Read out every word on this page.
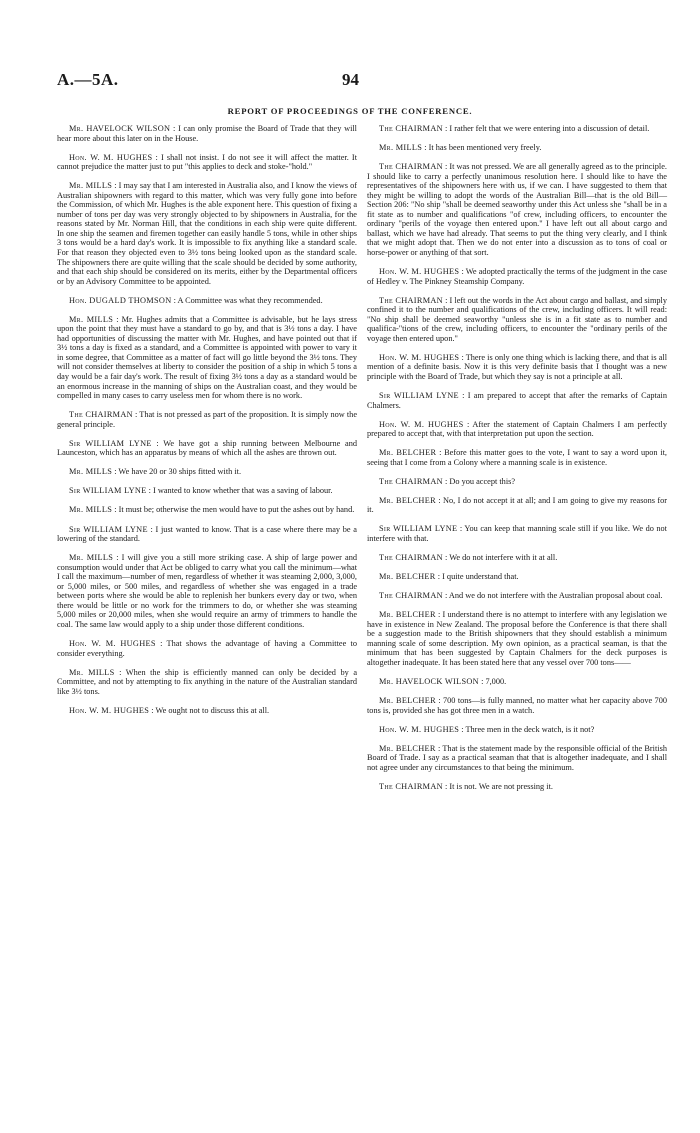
A.—5A.	94
REPORT OF PROCEEDINGS OF THE CONFERENCE.

Mr. HAVELOCK WILSON : I can only promise the Board of Trade that they will hear more about this later on in the House.

Hon. W. M. HUGHES : I shall not insist. I do not see it will affect the matter. It cannot prejudice the matter just to put "this applies to deck and stoke-"hold."

Mr. MILLS : I may say that I am interested in Australia also, and I know the views of Australian shipowners with regard to this matter, which was very fully gone into before the Commission, of which Mr. Hughes is the able exponent here. This question of fixing a number of tons per day was very strongly objected to by shipowners in Australia, for the reasons stated by Mr. Norman Hill, that the conditions in each ship were quite different. In one ship the seamen and firemen together can easily handle 5 tons, while in other ships 3 tons would be a hard day's work. It is impossible to fix anything like a standard scale. For that reason they objected even to 3½ tons being looked upon as the standard scale. The shipowners there are quite willing that the scale should be decided by some authority, and that each ship should be considered on its merits, either by the Departmental officers or by an Advisory Committee to be appointed.

Hon. DUGALD THOMSON : A Committee was what they recommended.

Mr. MILLS : Mr. Hughes admits that a Committee is advisable, but he lays stress upon the point that they must have a standard to go by, and that is 3½ tons a day. I have had opportunities of discussing the matter with Mr. Hughes, and have pointed out that if 3½ tons a day is fixed as a standard, and a Committee is appointed with power to vary it in some degree, that Committee as a matter of fact will go little beyond the 3½ tons. They will not consider themselves at liberty to consider the position of a ship in which 5 tons a day would be a fair day's work. The result of fixing 3½ tons a day as a standard would be an enormous increase in the manning of ships on the Australian coast, and they would be compelled in many cases to carry useless men for whom there is no work.

The CHAIRMAN : That is not pressed as part of the proposition. It is simply now the general principle.

Sir WILLIAM LYNE : We have got a ship running between Melbourne and Launceston, which has an apparatus by means of which all the ashes are thrown out.

Mr. MILLS : We have 20 or 30 ships fitted with it.

Sir WILLIAM LYNE : I wanted to know whether that was a saving of labour.

Mr. MILLS : It must be; otherwise the men would have to put the ashes out by hand.

Sir WILLIAM LYNE : I just wanted to know. That is a case where there may be a lowering of the standard.

Mr. MILLS : I will give you a still more striking case. A ship of large power and consumption would under that Act be obliged to carry what you call the minimum—what I call the maximum—number of men, regardless of whether it was steaming 2,000, 3,000, or 5,000 miles, or 500 miles, and regardless of whether she was engaged in a trade between ports where she would be able to replenish her bunkers every day or two, when there would be little or no work for the trimmers to do, or whether she was steaming 5,000 miles or 20,000 miles, when she would require an army of trimmers to handle the coal. The same law would apply to a ship under those different conditions.

Hon. W. M. HUGHES : That shows the advantage of having a Committee to consider everything.

Mr. MILLS : When the ship is efficiently manned can only be decided by a Committee, and not by attempting to fix anything in the nature of the Australian standard like 3½ tons.

Hon. W. M. HUGHES : We ought not to discuss this at all.

The CHAIRMAN : I rather felt that we were entering into a discussion of detail.

Mr. MILLS : It has been mentioned very freely.

The CHAIRMAN : It was not pressed. We are all generally agreed as to the principle. I should like to carry a perfectly unanimous resolution here. I should like to have the representatives of the shipowners here with us, if we can. I have suggested to them that they might be willing to adopt the words of the Australian Bill—that is the old Bill—Section 206: "No ship "shall be deemed seaworthy under this Act unless she "shall be in a fit state as to number and qualifications "of crew, including officers, to encounter the ordinary "perils of the voyage then entered upon." I have left out all about cargo and ballast, which we have had already. That seems to put the thing very clearly, and I think that we might adopt that. Then we do not enter into a discussion as to tons of coal or horse-power or anything of that sort.

Hon. W. M. HUGHES : We adopted practically the terms of the judgment in the case of Hedley v. The Pinkney Steamship Company.

The CHAIRMAN : I left out the words in the Act about cargo and ballast, and simply confined it to the number and qualifications of the crew, including officers. It will read: "No ship shall be deemed seaworthy "unless she is in a fit state as to number and qualifica-"tions of the crew, including officers, to encounter the "ordinary perils of the voyage then entered upon."

Hon. W. M. HUGHES : There is only one thing which is lacking there, and that is all mention of a definite basis. Now it is this very definite basis that I thought was a new principle with the Board of Trade, but which they say is not a principle at all.

Sir WILLIAM LYNE : I am prepared to accept that after the remarks of Captain Chalmers.

Hon. W. M. HUGHES : After the statement of Captain Chalmers I am perfectly prepared to accept that, with that interpretation put upon the section.

Mr. BELCHER : Before this matter goes to the vote, I want to say a word upon it, seeing that I come from a Colony where a manning scale is in existence.

The CHAIRMAN : Do you accept this?

Mr. BELCHER : No, I do not accept it at all; and I am going to give my reasons for it.

Sir WILLIAM LYNE : You can keep that manning scale still if you like. We do not interfere with that.

The CHAIRMAN : We do not interfere with it at all.

Mr. BELCHER : I quite understand that.

The CHAIRMAN : And we do not interfere with the Australian proposal about coal.

Mr. BELCHER : I understand there is no attempt to interfere with any legislation we have in existence in New Zealand. The proposal before the Conference is that there shall be a suggestion made to the British shipowners that they should establish a minimum manning scale of some description. My own opinion, as a practical seaman, is that the minimum that has been suggested by Captain Chalmers for the deck purposes is altogether inadequate. It has been stated here that any vessel over 700 tons——

Mr. HAVELOCK WILSON : 7,000.

Mr. BELCHER : 700 tons—is fully manned, no matter what her capacity above 700 tons is, provided she has got three men in a watch.

Hon. W. M. HUGHES : Three men in the deck watch, is it not?

Mr. BELCHER : That is the statement made by the responsible official of the British Board of Trade. I say as a practical seaman that that is altogether inadequate, and I shall not agree under any circumstances to that being the minimum.

The CHAIRMAN : It is not. We are not pressing it.
